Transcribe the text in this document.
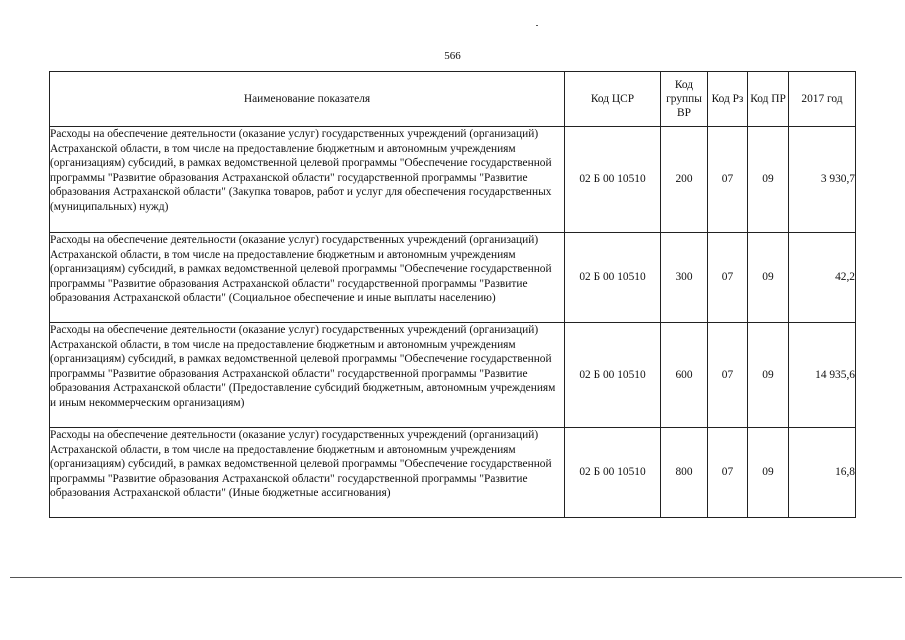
566
Наименование показателя	Код ЦСР	Код группы ВР	Код Рз	Код ПР	2017 год
Расходы на обеспечение деятельности (оказание услуг) государственных учреждений (организаций) Астраханской области, в том числе на предоставление бюджетным и автономным учреждениям (организациям) субсидий, в рамках ведомственной целевой программы "Обеспечение государственной программы "Развитие образования Астраханской области" государственной программы "Развитие образования Астраханской области" (Закупка товаров, работ и услуг для обеспечения государственных (муниципальных) нужд)	02 Б 00 10510	200	07	09	3 930,7
Расходы на обеспечение деятельности (оказание услуг) государственных учреждений (организаций) Астраханской области, в том числе на предоставление бюджетным и автономным учреждениям (организациям) субсидий, в рамках ведомственной целевой программы "Обеспечение государственной программы "Развитие образования Астраханской области" государственной программы "Развитие образования Астраханской области" (Социальное обеспечение и иные выплаты населению)	02 Б 00 10510	300	07	09	42,2
Расходы на обеспечение деятельности (оказание услуг) государственных учреждений (организаций) Астраханской области, в том числе на предоставление бюджетным и автономным учреждениям (организациям) субсидий, в рамках ведомственной целевой программы "Обеспечение государственной программы "Развитие образования Астраханской области" государственной программы "Развитие образования Астраханской области" (Предоставление субсидий бюджетным, автономным учреждениям и иным некоммерческим организациям)	02 Б 00 10510	600	07	09	14 935,6
Расходы на обеспечение деятельности (оказание услуг) государственных учреждений (организаций) Астраханской области, в том числе на предоставление бюджетным и автономным учреждениям (организациям) субсидий, в рамках ведомственной целевой программы "Обеспечение государственной программы "Развитие образования Астраханской области" государственной программы "Развитие образования Астраханской области" (Иные бюджетные ассигнования)	02 Б 00 10510	800	07	09	16,8
